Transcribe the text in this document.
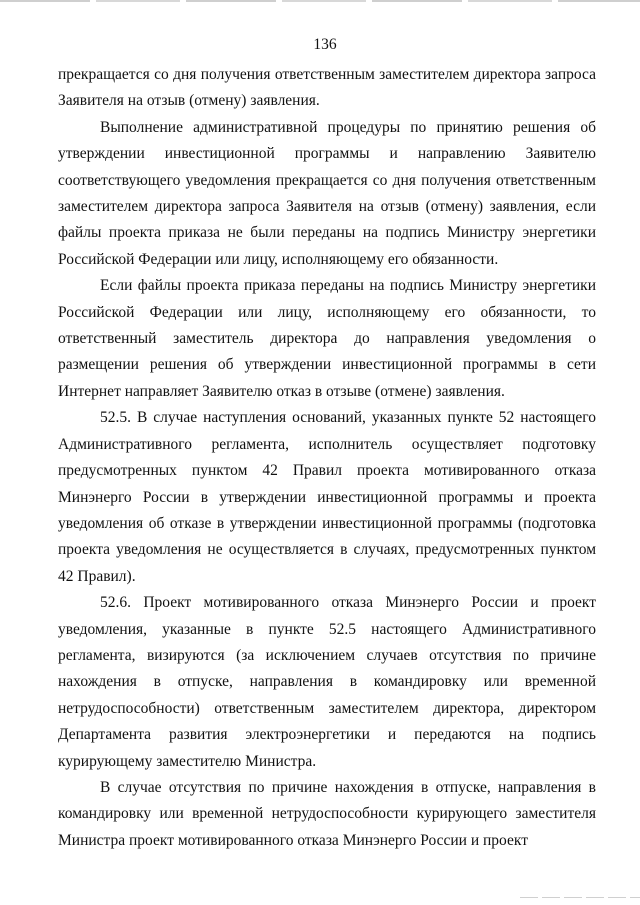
136

прекращается со дня получения ответственным заместителем директора запроса Заявителя на отзыв (отмену) заявления.

Выполнение административной процедуры по принятию решения об утверждении инвестиционной программы и направлению Заявителю соответствующего уведомления прекращается со дня получения ответственным заместителем директора запроса Заявителя на отзыв (отмену) заявления, если файлы проекта приказа не были переданы на подпись Министру энергетики Российской Федерации или лицу, исполняющему его обязанности.

Если файлы проекта приказа переданы на подпись Министру энергетики Российской Федерации или лицу, исполняющему его обязанности, то ответственный заместитель директора до направления уведомления о размещении решения об утверждении инвестиционной программы в сети Интернет направляет Заявителю отказ в отзыве (отмене) заявления.

52.5. В случае наступления оснований, указанных пункте 52 настоящего Административного регламента, исполнитель осуществляет подготовку предусмотренных пунктом 42 Правил проекта мотивированного отказа Минэнерго России в утверждении инвестиционной программы и проекта уведомления об отказе в утверждении инвестиционной программы (подготовка проекта уведомления не осуществляется в случаях, предусмотренных пунктом 42 Правил).

52.6. Проект мотивированного отказа Минэнерго России и проект уведомления, указанные в пункте 52.5 настоящего Административного регламента, визируются (за исключением случаев отсутствия по причине нахождения в отпуске, направления в командировку или временной нетрудоспособности) ответственным заместителем директора, директором Департамента развития электроэнергетики и передаются на подпись курирующему заместителю Министра.

В случае отсутствия по причине нахождения в отпуске, направления в командировку или временной нетрудоспособности курирующего заместителя Министра проект мотивированного отказа Минэнерго России и проект
